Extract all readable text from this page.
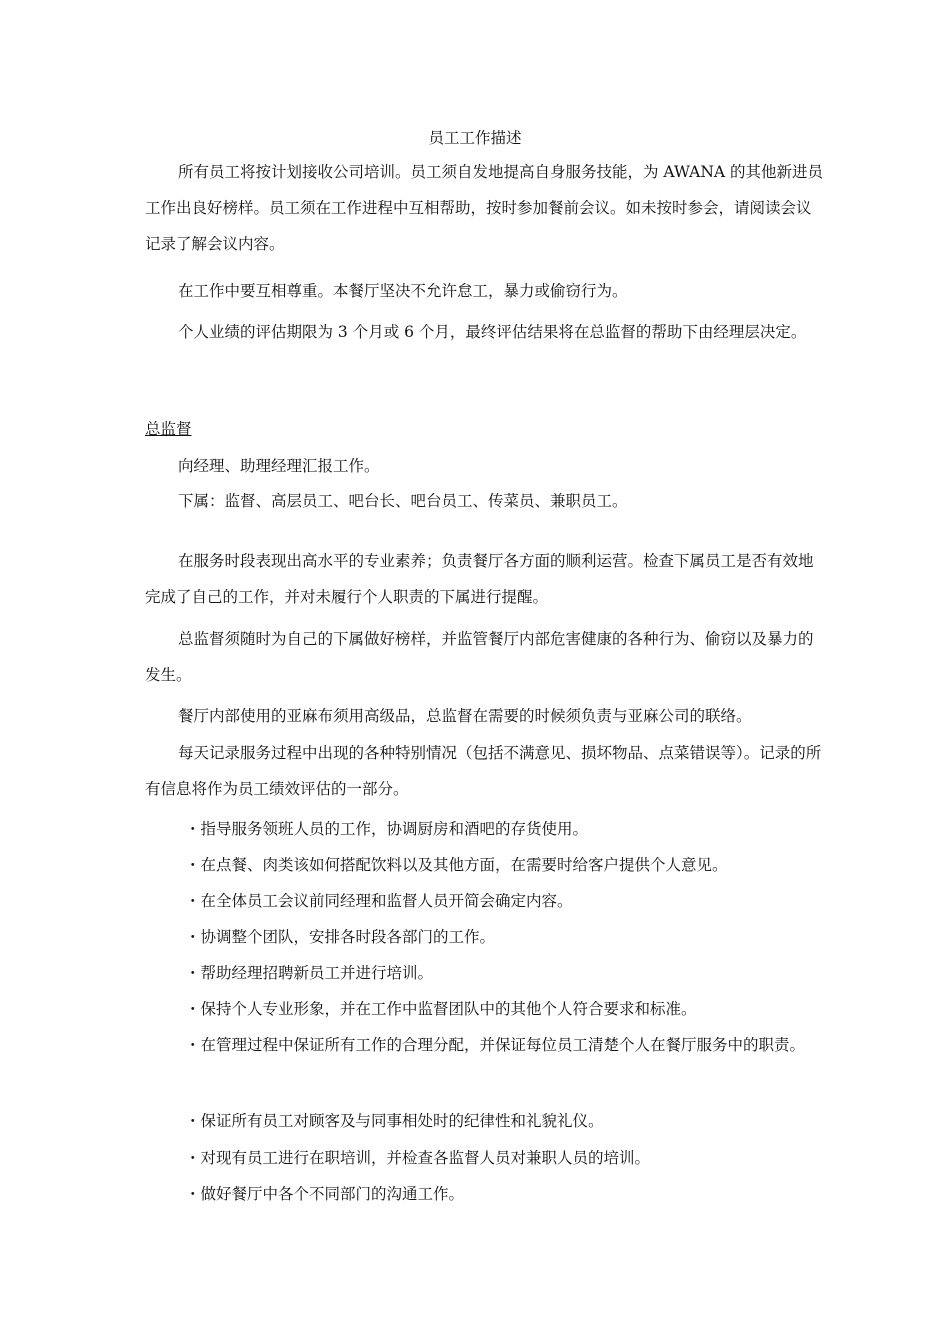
员工工作描述

所有员工将按计划接收公司培训。员工须自发地提高自身服务技能，为 AWANA 的其他新进员工作出良好榜样。员工须在工作进程中互相帮助，按时参加餐前会议。如未按时参会，请阅读会议记录了解会议内容。

在工作中要互相尊重。本餐厅坚决不允许怠工，暴力或偷窃行为。

个人业绩的评估期限为 3 个月或 6 个月，最终评估结果将在总监督的帮助下由经理层决定。

总监督

向经理、助理经理汇报工作。

下属：监督、高层员工、吧台长、吧台员工、传菜员、兼职员工。

在服务时段表现出高水平的专业素养；负责餐厅各方面的顺利运营。检查下属员工是否有效地完成了自己的工作，并对未履行个人职责的下属进行提醒。

总监督须随时为自己的下属做好榜样，并监管餐厅内部危害健康的各种行为、偷窃以及暴力的发生。

餐厅内部使用的亚麻布须用高级品，总监督在需要的时候须负责与亚麻公司的联络。

每天记录服务过程中出现的各种特别情况（包括不满意见、损坏物品、点菜错误等）。记录的所有信息将作为员工绩效评估的一部分。

・指导服务领班人员的工作，协调厨房和酒吧的存货使用。

・在点餐、肉类该如何搭配饮料以及其他方面，在需要时给客户提供个人意见。

・在全体员工会议前同经理和监督人员开简会确定内容。

・协调整个团队，安排各时段各部门的工作。

・帮助经理招聘新员工并进行培训。

・保持个人专业形象，并在工作中监督团队中的其他个人符合要求和标准。

・在管理过程中保证所有工作的合理分配，并保证每位员工清楚个人在餐厅服务中的职责。

・保证所有员工对顾客及与同事相处时的纪律性和礼貌礼仪。

・对现有员工进行在职培训，并检查各监督人员对兼职人员的培训。

・做好餐厅中各个不同部门的沟通工作。
